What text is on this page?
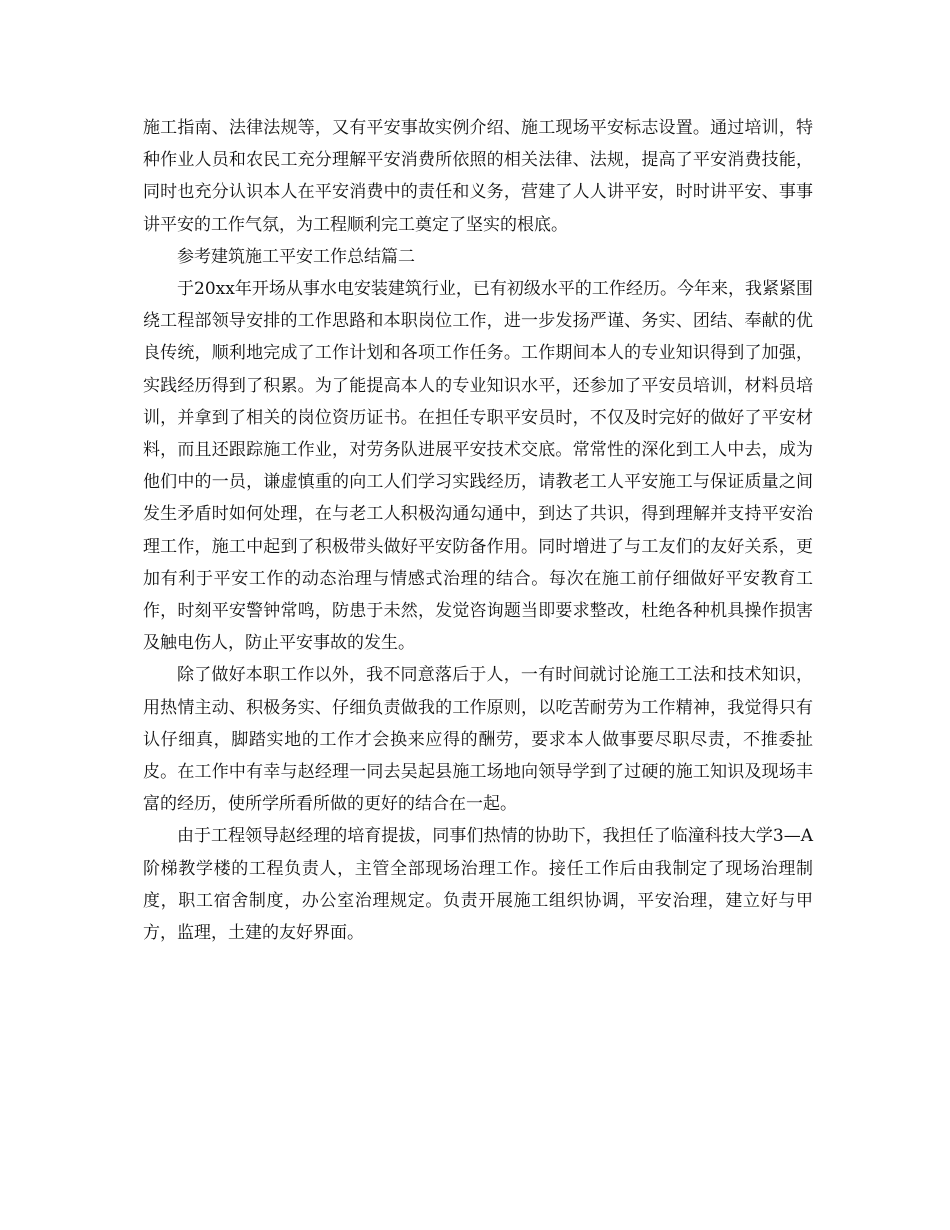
施工指南、法律法规等，又有平安事故实例介绍、施工现场平安标志设置。通过培训，特种作业人员和农民工充分理解平安消费所依照的相关法律、法规，提高了平安消费技能，同时也充分认识本人在平安消费中的责任和义务，营建了人人讲平安，时时讲平安、事事讲平安的工作气氛，为工程顺利完工奠定了坚实的根底。

参考建筑施工平安工作总结篇二

于20xx年开场从事水电安装建筑行业，已有初级水平的工作经历。今年来，我紧紧围绕工程部领导安排的工作思路和本职岗位工作，进一步发扬严谨、务实、团结、奉献的优良传统，顺利地完成了工作计划和各项工作任务。工作期间本人的专业知识得到了加强，实践经历得到了积累。为了能提高本人的专业知识水平，还参加了平安员培训，材料员培训，并拿到了相关的岗位资历证书。在担任专职平安员时，不仅及时完好的做好了平安材料，而且还跟踪施工作业，对劳务队进展平安技术交底。常常性的深化到工人中去，成为他们中的一员，谦虚慎重的向工人们学习实践经历，请教老工人平安施工与保证质量之间发生矛盾时如何处理，在与老工人积极沟通勾通中，到达了共识，得到理解并支持平安治理工作，施工中起到了积极带头做好平安防备作用。同时增进了与工友们的友好关系，更加有利于平安工作的动态治理与情感式治理的结合。每次在施工前仔细做好平安教育工作，时刻平安警钟常鸣，防患于未然，发觉咨询题当即要求整改，杜绝各种机具操作损害及触电伤人，防止平安事故的发生。

除了做好本职工作以外，我不同意落后于人，一有时间就讨论施工工法和技术知识，用热情主动、积极务实、仔细负责做我的工作原则，以吃苦耐劳为工作精神，我觉得只有认仔细真，脚踏实地的工作才会换来应得的酬劳，要求本人做事要尽职尽责，不推委扯皮。在工作中有幸与赵经理一同去吴起县施工场地向领导学到了过硬的施工知识及现场丰富的经历，使所学所看所做的更好的结合在一起。

由于工程领导赵经理的培育提拔，同事们热情的协助下，我担任了临潼科技大学3—A阶梯教学楼的工程负责人，主管全部现场治理工作。接任工作后由我制定了现场治理制度，职工宿舍制度，办公室治理规定。负责开展施工组织协调，平安治理，建立好与甲方，监理，土建的友好界面。
